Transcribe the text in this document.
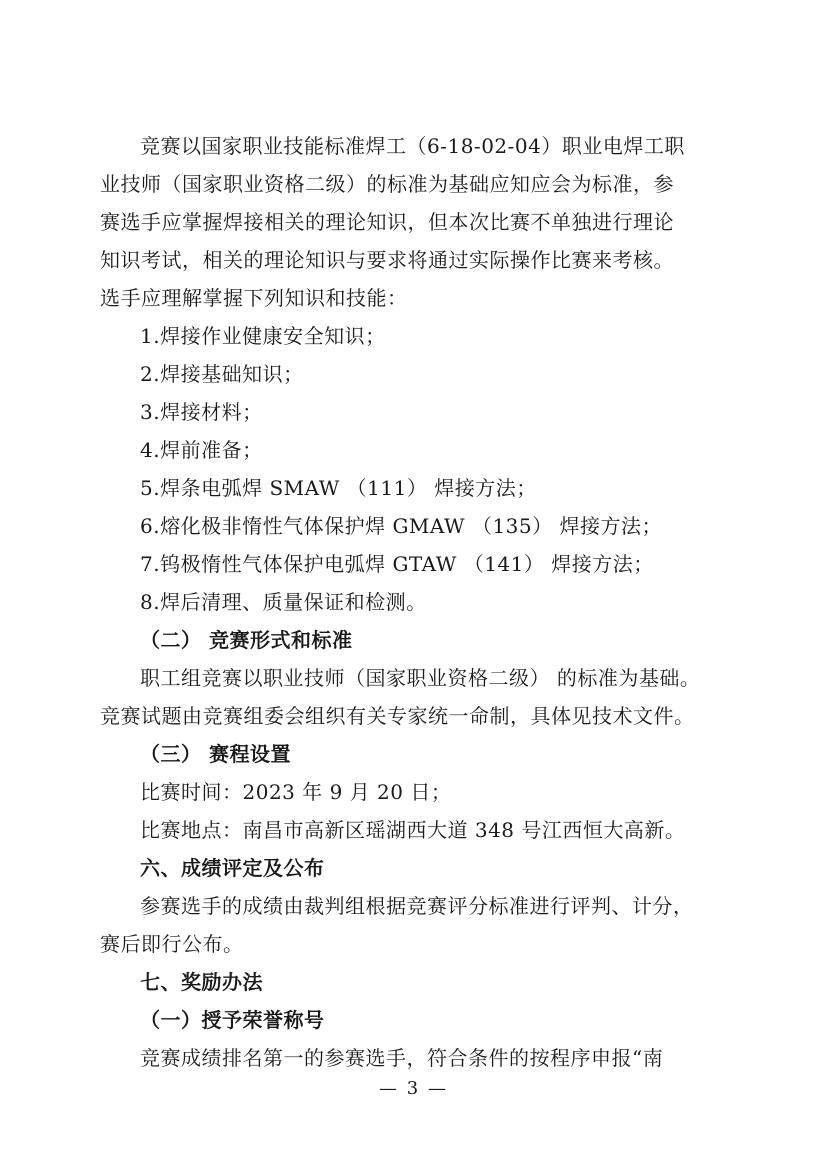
竞赛以国家职业技能标准焊工（6-18-02-04）职业电焊工职
业技师（国家职业资格二级）的标准为基础应知应会为标准，参
赛选手应掌握焊接相关的理论知识，但本次比赛不单独进行理论
知识考试，相关的理论知识与要求将通过实际操作比赛来考核。
选手应理解掌握下列知识和技能：
1.焊接作业健康安全知识；
2.焊接基础知识；
3.焊接材料；
4.焊前准备；
5.焊条电弧焊 SMAW （111） 焊接方法；
6.熔化极非惰性气体保护焊 GMAW （135） 焊接方法；
7.钨极惰性气体保护电弧焊 GTAW （141） 焊接方法；
8.焊后清理、质量保证和检测。
（二） 竞赛形式和标准
职工组竞赛以职业技师（国家职业资格二级） 的标准为基础。
竞赛试题由竞赛组委会组织有关专家统一命制，具体见技术文件。
（三） 赛程设置
比赛时间：2023 年 9 月 20 日；
比赛地点：南昌市高新区瑶湖西大道 348 号江西恒大高新。
六、成绩评定及公布
参赛选手的成绩由裁判组根据竞赛评分标准进行评判、计分，
赛后即行公布。
七、奖励办法
（一）授予荣誉称号
竞赛成绩排名第一的参赛选手，符合条件的按程序申报“南
— 3 —
